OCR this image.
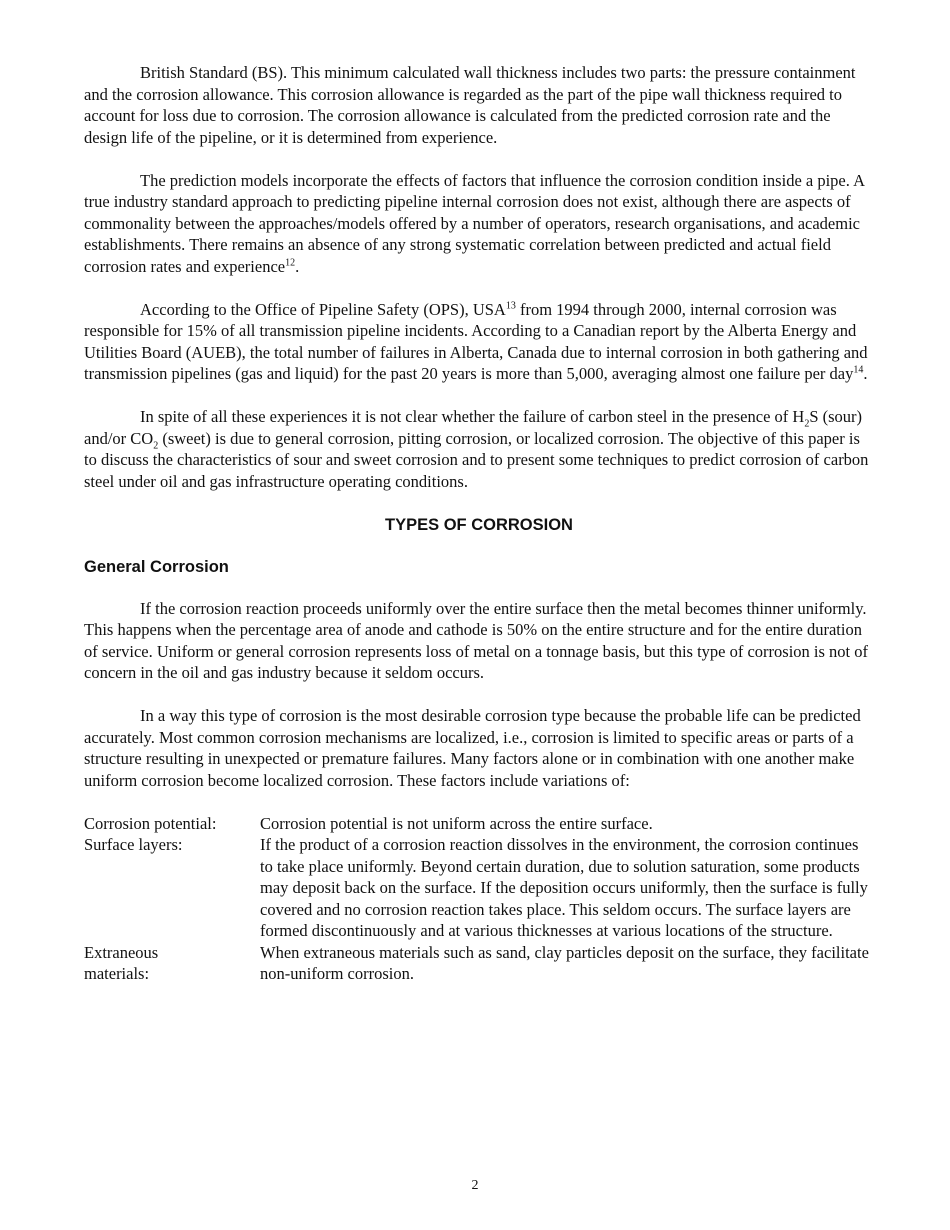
British Standard (BS). This minimum calculated wall thickness includes two parts: the pressure containment and the corrosion allowance. This corrosion allowance is regarded as the part of the pipe wall thickness required to account for loss due to corrosion. The corrosion allowance is calculated from the predicted corrosion rate and the design life of the pipeline, or it is determined from experience.

The prediction models incorporate the effects of factors that influence the corrosion condition inside a pipe. A true industry standard approach to predicting pipeline internal corrosion does not exist, although there are aspects of commonality between the approaches/models offered by a number of operators, research organisations, and academic establishments. There remains an absence of any strong systematic correlation between predicted and actual field corrosion rates and experience$^{12}$.

According to the Office of Pipeline Safety (OPS), USA$^{13}$ from 1994 through 2000, internal corrosion was responsible for 15% of all transmission pipeline incidents. According to a Canadian report by the Alberta Energy and Utilities Board (AUEB), the total number of failures in Alberta, Canada due to internal corrosion in both gathering and transmission pipelines (gas and liquid) for the past 20 years is more than 5,000, averaging almost one failure per day$^{14}$.

In spite of all these experiences it is not clear whether the failure of carbon steel in the presence of $H_2S$ (sour) and/or $CO_2$ (sweet) is due to general corrosion, pitting corrosion, or localized corrosion. The objective of this paper is to discuss the characteristics of sour and sweet corrosion and to present some techniques to predict corrosion of carbon steel under oil and gas infrastructure operating conditions.

TYPES OF CORROSION
General Corrosion

If the corrosion reaction proceeds uniformly over the entire surface then the metal becomes thinner uniformly. This happens when the percentage area of anode and cathode is 50% on the entire structure and for the entire duration of service. Uniform or general corrosion represents loss of metal on a tonnage basis, but this type of corrosion is not of concern in the oil and gas industry because it seldom occurs.

In a way this type of corrosion is the most desirable corrosion type because the probable life can be predicted accurately. Most common corrosion mechanisms are localized, i.e., corrosion is limited to specific areas or parts of a structure resulting in unexpected or premature failures. Many factors alone or in combination with one another make uniform corrosion become localized corrosion. These factors include variations of:

Corrosion potential:	Corrosion potential is not uniform across the entire surface.
Surface layers:	If the product of a corrosion reaction dissolves in the environment, the corrosion continues to take place uniformly. Beyond certain duration, due to solution saturation, some products may deposit back on the surface. If the deposition occurs uniformly, then the surface is fully covered and no corrosion reaction takes place. This seldom occurs. The surface layers are formed discontinuously and at various thicknesses at various locations of the structure.
Extraneous materials:
When extraneous materials such as sand, clay particles deposit on the surface, they facilitate non-uniform corrosion.
2
